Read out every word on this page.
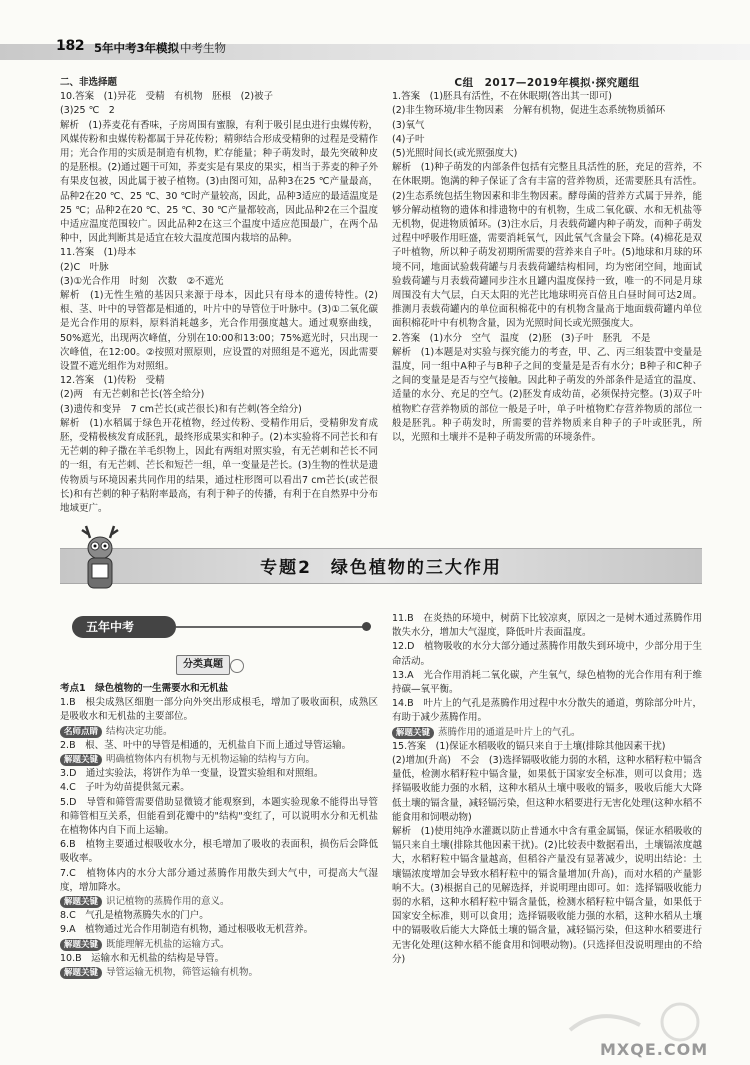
182 5年中考3年模拟 中考生物

二、非选择题

10.答案　(1)异花　受精　有机物　胚根　(2)被子

(3)25 ℃　2

解析　(1)荞麦花有香味，子房周围有蜜腺，有利于吸引昆虫进行虫媒传粉，风媒传粉和虫媒传粉都属于异花传粉；精卵结合形成受精卵的过程是受精作用；光合作用的实质是制造有机物，贮存能量；种子萌发时，最先突破种皮的是胚根。(2)通过题干可知，荞麦实是有果皮的果实，相当于荞麦的种子外有果皮包被，因此属于被子植物。(3)由图可知，品种3在25 ℃产量最高，品种2在20 ℃、25 ℃、30 ℃时产量较高，因此，品种3适应的最适温度是25 ℃；品种2在20 ℃、25 ℃、30 ℃产量都较高，因此品种2在三个温度中适应温度范围较广。因此品种2在这三个温度中适应范围最广，在两个品种中，因此判断其是适宜在较大温度范围内栽培的品种。

11.答案　(1)母本

(2)C　叶脉

(3)①光合作用　时刻　次数　②不遮光

解析　(1)无性生殖的基因只来源于母本，因此只有母本的遗传特性。(2)根、茎、叶中的导管都是相通的，叶片中的导管位于叶脉中。(3)①二氧化碳是光合作用的原料，原料消耗越多，光合作用强度越大。通过观察曲线，50%遮光，出现两次峰值，分别在10:00和13:00；75%遮光时，只出现一次峰值，在12:00。②按照对照原则，应设置的对照组是不遮光，因此需要设置不遮光组作为对照组。

12.答案　(1)传粉　受精

(2)两　有无芒刺和芒长(答全给分)

(3)遗传和变异　7 cm芒长(或芒很长)和有芒刺(答全给分)

解析　(1)水稻属于绿色开花植物，经过传粉、受精作用后，受精卵发育成胚，受精极核发育成胚乳，最终形成果实和种子。(2)本实验将不同芒长和有无芒刺的种子撒在羊毛织物上，因此有两组对照实验，有无芒刺和芒长不同的一组，有无芒刺、芒长和短芒一组，单一变量是芒长。(3)生物的性状是遗传物质与环境因素共同作用的结果，通过柱形图可以看出7 cm芒长(或芒很长)和有芒刺的种子粘附率最高，有利于种子的传播，有利于在自然界中分布地域更广。

C组　2017—2019年模拟·探究题组

1.答案　(1)胚具有活性，不在休眠期(答出其一即可)

(2)非生物环境/非生物因素　分解有机物，促进生态系统物质循环

(3)氧气

(4)子叶

(5)光照时间长(或光照强度大)

解析　(1)种子萌发的内部条件包括有完整且具活性的胚，充足的营养，不在休眠期。饱满的种子保证了含有丰富的营养物质，还需要胚具有活性。(2)生态系统包括生物因素和非生物因素。酵母菌的营养方式属于异养，能够分解动植物的遗体和排遗物中的有机物，生成二氧化碳、水和无机盐等无机物，促进物质循环。(3)注水后，月表载荷罐内种子萌发，而种子萌发过程中呼吸作用旺盛，需要消耗氧气，因此氧气含量会下降。(4)棉花是双子叶植物，所以种子萌发初期所需要的营养来自子叶。(5)地球和月球的环境不同，地面试验载荷罐与月表载荷罐结构相同，均为密闭空间，地面试验载荷罐与月表载荷罐同步注水且罐内温度保持一致，唯一的不同是月球周围没有大气层，白天太阳的光芒比地球明亮百倍且白昼时间可达2周。推测月表载荷罐内的单位面积棉花中的有机物含量高于地面载荷罐内单位面积棉花叶中有机物含量，因为光照时间长或光照强度大。

2.答案　(1)水分　空气　温度　(2)胚　(3)子叶　胚乳　不是

解析　(1)本题是对实验与探究能力的考查，甲、乙、丙三组装置中变量是温度，同一组中A种子与B种子之间的变量是是否有水分；B种子和C种子之间的变量是是否与空气接触。因此种子萌发的外部条件是适宜的温度、适量的水分、充足的空气。(2)胚发育成幼苗，必须保持完整。(3)双子叶植物贮存营养物质的部位一般是子叶，单子叶植物贮存营养物质的部位一般是胚乳。种子萌发时，所需要的营养物质来自种子的子叶或胚乳，所以，光照和土壤并不是种子萌发所需的环境条件。

专题2　绿色植物的三大作用
五年中考
分类真题

考点1　绿色植物的一生需要水和无机盐

1.B　根尖成熟区细胞一部分向外突出形成根毛，增加了吸收面积，成熟区是吸收水和无机盐的主要部位。

名师点睛 结构决定功能。

2.B　根、茎、叶中的导管是相通的，无机盐自下而上通过导管运输。

解题关键 明确植物体内有机物与无机物运输的结构与方向。

3.D　通过实验法，将饼作为单一变量，设置实验组和对照组。

4.C　子叶为幼苗提供氮元素。

5.D　导管和筛管需要借助显微镜才能观察到，本题实验现象不能得出导管和筛管相互关系，但能看到花瓣中的"结构"变红了，可以说明水分和无机盐在植物体内自下而上运输。

6.B　植物主要通过根吸收水分，根毛增加了吸收的表面积，损伤后会降低吸收率。

7.C　植物体内的水分大部分通过蒸腾作用散失到大气中，可提高大气湿度，增加降水。

解题关键 识记植物的蒸腾作用的意义。

8.C　气孔是植物蒸腾失水的门户。

9.A　植物通过光合作用制造有机物，通过根吸收无机营养。

解题关键 既能理解无机盐的运输方式。

10.B　运输水和无机盐的结构是导管。

解题关键 导管运输无机物，筛管运输有机物。

11.B　在炎热的环境中，树荫下比较凉爽，原因之一是树木通过蒸腾作用散失水分，增加大气湿度，降低叶片表面温度。

12.D　植物吸收的水分大部分通过蒸腾作用散失到环境中，少部分用于生命活动。

13.A　光合作用消耗二氧化碳，产生氧气，绿色植物的光合作用有利于维持碳—氧平衡。

14.B　叶片上的气孔是蒸腾作用过程中水分散失的通道，剪除部分叶片，有助于减少蒸腾作用。

解题关键 蒸腾作用的通道是叶片上的气孔。

15.答案　(1)保证水稻吸收的镉只来自于土壤(排除其他因素干扰)

(2)增加(升高)　不会　(3)选择镉吸收能力弱的水稻，这种水稻籽粒中镉含量低，检测水稻籽粒中镉含量，如果低于国家安全标准，则可以食用；选择镉吸收能力强的水稻，这种水稻从土壤中吸收的镉多，吸收后能大大降低土壤的镉含量，减轻镉污染，但这种水稻要进行无害化处理(这种水稻不能食用和饲喂动物)

解析　(1)使用纯净水灌溉以防止普通水中含有重金属镉，保证水稻吸收的镉只来自土壤(排除其他因素干扰)。(2)比较表中数据看出，土壤镉浓度越大，水稻籽粒中镉含量越高，但稻谷产量没有显著减少，说明出结论：土壤镉浓度增加会导致水稻籽粒中的镉含量增加(升高)，而对水稻的产量影响不大。(3)根据自己的见解选择，并说明理由即可。如：选择镉吸收能力弱的水稻，这种水稻籽粒中镉含量低，检测水稻籽粒中镉含量，如果低于国家安全标准，则可以食用；选择镉吸收能力强的水稻，这种水稻从土壤中的镉吸收后能大大降低土壤的镉含量，减轻镉污染，但这种水稻要进行无害化处理(这种水稻不能食用和饲喂动物)。(只选择但没说明理由的不给分)

MXQE.COM
